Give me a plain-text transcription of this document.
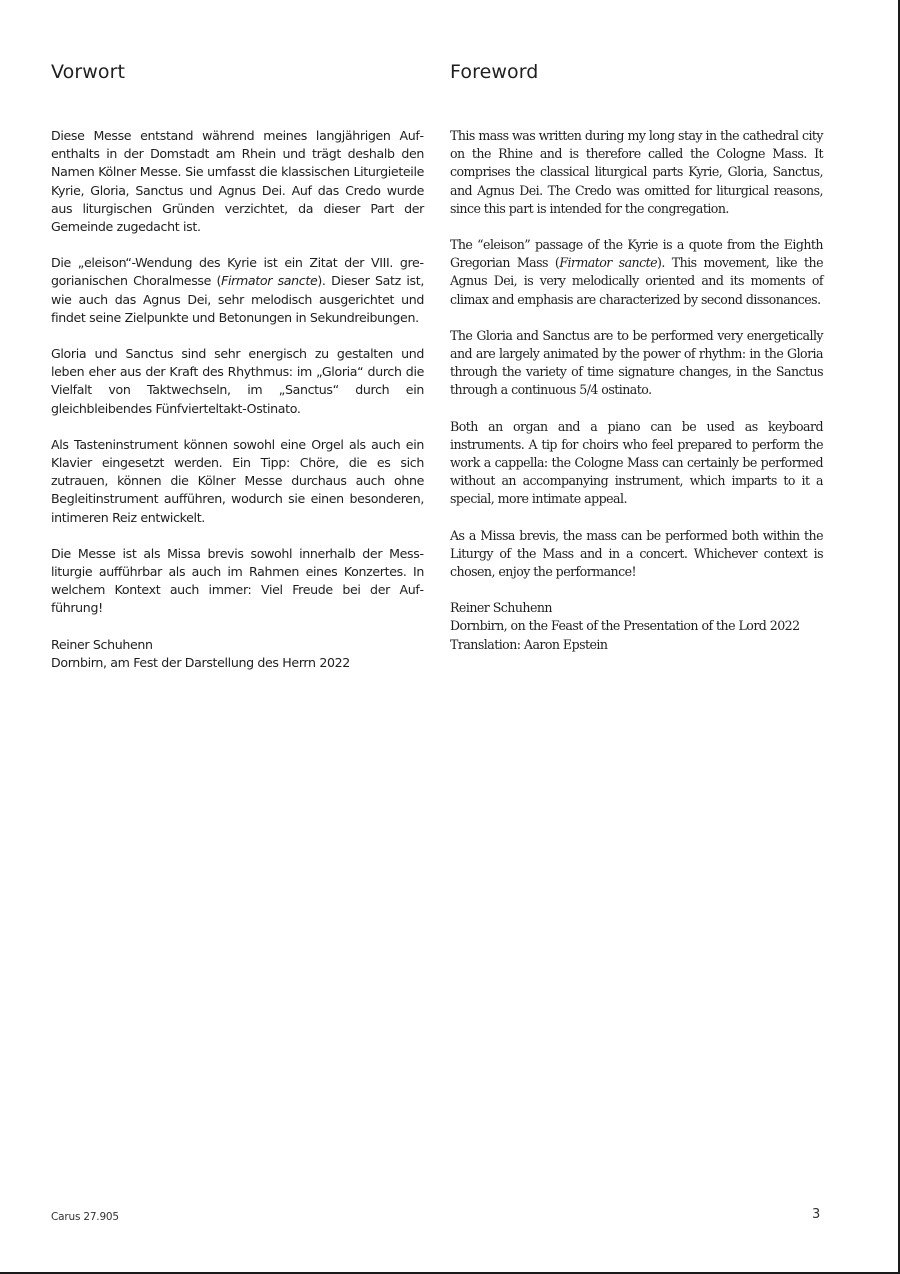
Vorwort

Diese Messe entstand während meines langjährigen Aufenthalts in der Domstadt am Rhein und trägt deshalb den Namen Kölner Messe. Sie umfasst die klassischen Liturgieteile Kyrie, Gloria, Sanctus und Agnus Dei. Auf das Credo wurde aus liturgischen Gründen verzichtet, da dieser Part der Gemeinde zugedacht ist.

Die „eleison“-Wendung des Kyrie ist ein Zitat der VIII. gregorianischen Choralmesse (Firmator sancte). Dieser Satz ist, wie auch das Agnus Dei, sehr melodisch ausgerichtet und findet seine Zielpunkte und Betonungen in Sekundreibungen.

Gloria und Sanctus sind sehr energisch zu gestalten und leben eher aus der Kraft des Rhythmus: im „Gloria“ durch die Vielfalt von Taktwechseln, im „Sanctus“ durch ein gleichbleibendes Fünfvierteltakt-Ostinato.

Als Tasteninstrument können sowohl eine Orgel als auch ein Klavier eingesetzt werden. Ein Tipp: Chöre, die es sich zutrauen, können die Kölner Messe durchaus auch ohne Begleitinstrument aufführen, wodurch sie einen besonderen, intimeren Reiz entwickelt.

Die Messe ist als Missa brevis sowohl innerhalb der Messliturgie aufführbar als auch im Rahmen eines Konzertes. In welchem Kontext auch immer: Viel Freude bei der Aufführung!

Reiner Schuhenn
Dornbirn, am Fest der Darstellung des Herrn 2022

Foreword

This mass was written during my long stay in the cathedral city on the Rhine and is therefore called the Cologne Mass. It comprises the classical liturgical parts Kyrie, Gloria, Sanctus, and Agnus Dei. The Credo was omitted for liturgical reasons, since this part is intended for the congregation.

The “eleison” passage of the Kyrie is a quote from the Eighth Gregorian Mass (Firmator sancte). This movement, like the Agnus Dei, is very melodically oriented and its moments of climax and emphasis are characterized by second dissonances.

The Gloria and Sanctus are to be performed very energetically and are largely animated by the power of rhythm: in the Gloria through the variety of time signature changes, in the Sanctus through a continuous 5/4 ostinato.

Both an organ and a piano can be used as keyboard instruments. A tip for choirs who feel prepared to perform the work a cappella: the Cologne Mass can certainly be performed without an accompanying instrument, which imparts to it a special, more intimate appeal.

As a Missa brevis, the mass can be performed both within the Liturgy of the Mass and in a concert. Whichever context is chosen, enjoy the performance!

Reiner Schuhenn
Dornbirn, on the Feast of the Presentation of the Lord 2022
Translation: Aaron Epstein

Carus 27.905	3
